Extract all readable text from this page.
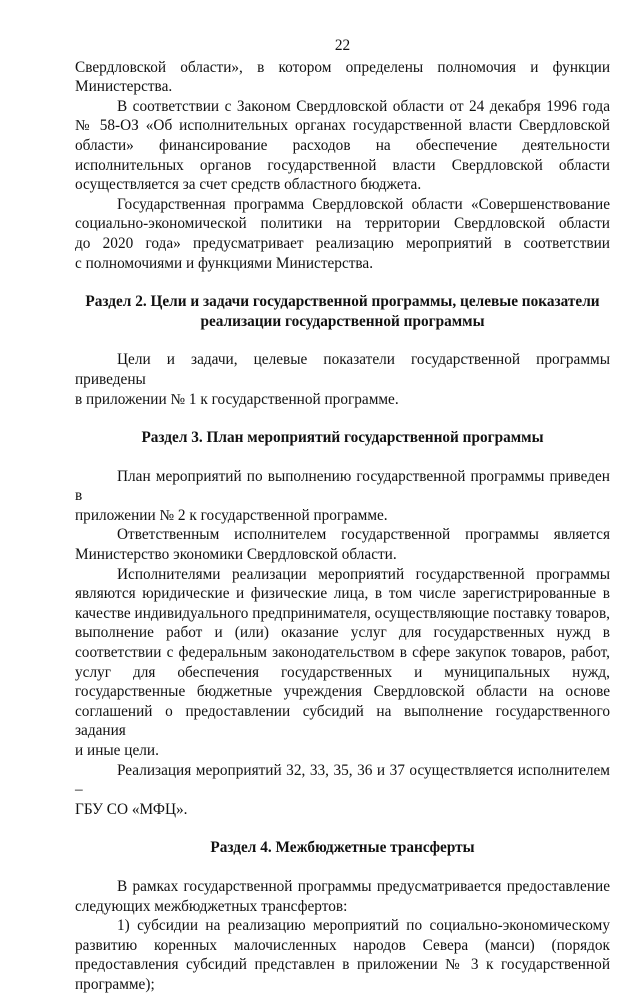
22
Свердловской области», в котором определены полномочия и функции
Министерства.
В соответствии с Законом Свердловской области от 24 декабря 1996 года
№ 58-ОЗ «Об исполнительных органах государственной власти Свердловской
области» финансирование расходов на обеспечение деятельности
исполнительных органов государственной власти Свердловской области
осуществляется за счет средств областного бюджета.
Государственная программа Свердловской области «Совершенствование
социально-экономической политики на территории Свердловской области
до 2020 года» предусматривает реализацию мероприятий в соответствии
с полномочиями и функциями Министерства.
Раздел 2. Цели и задачи государственной программы, целевые показатели
реализации государственной программы
Цели и задачи, целевые показатели государственной программы приведены
в приложении № 1 к государственной программе.
Раздел 3. План мероприятий государственной программы
План мероприятий по выполнению государственной программы приведен в
приложении № 2 к государственной программе.
Ответственным исполнителем государственной программы является
Министерство экономики Свердловской области.
Исполнителями реализации мероприятий государственной программы
являются юридические и физические лица, в том числе зарегистрированные в
качестве индивидуального предпринимателя, осуществляющие поставку товаров,
выполнение работ и (или) оказание услуг для государственных нужд в
соответствии с федеральным законодательством в сфере закупок товаров, работ,
услуг для обеспечения государственных и муниципальных нужд,
государственные бюджетные учреждения Свердловской области на основе
соглашений о предоставлении субсидий на выполнение государственного задания
и иные цели.
Реализация мероприятий 32, 33, 35, 36 и 37 осуществляется исполнителем –
ГБУ СО «МФЦ».
Раздел 4. Межбюджетные трансферты
В рамках государственной программы предусматривается предоставление
следующих межбюджетных трансфертов:
1) субсидии на реализацию мероприятий по социально-экономическому
развитию коренных малочисленных народов Севера (манси) (порядок
предоставления субсидий представлен в приложении № 3 к государственной
программе);
